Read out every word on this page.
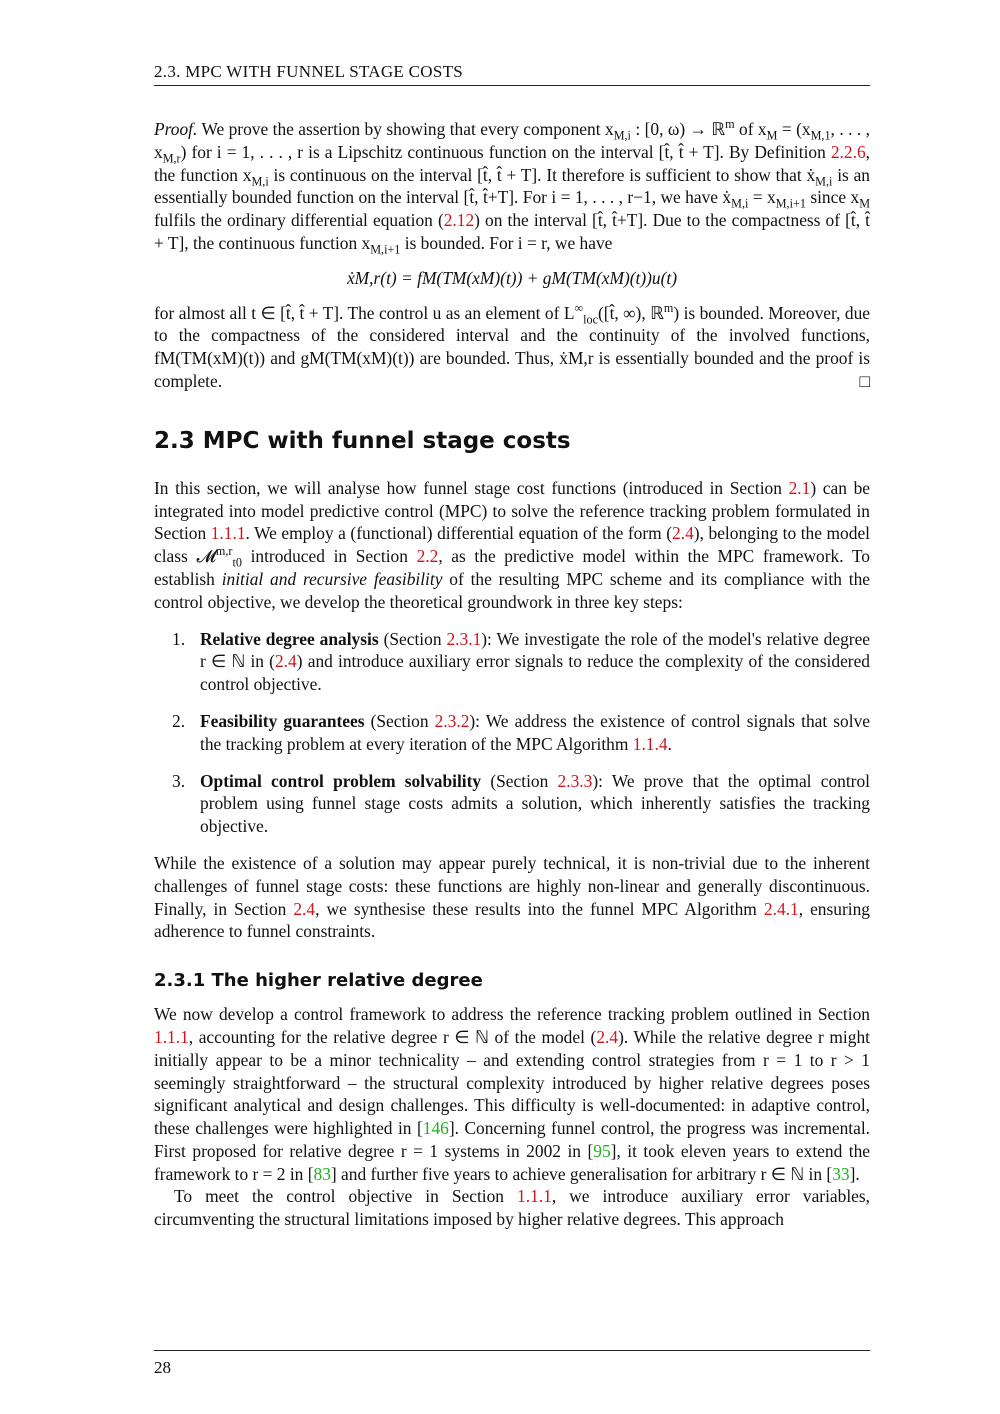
2.3. MPC WITH FUNNEL STAGE COSTS

Proof. We prove the assertion by showing that every component $x_{M,i}$ : [0, ω) → ℝ$^m$ of $x_M = (x_{M,1}$, . . . , $x_{M,r}$) for i = 1, . . . , r is a Lipschitz continuous function on the interval [t̂, t̂ + T]. By Definition 2.2.6, the function $x_{M,i}$ is continuous on the interval [t̂, t̂ + T]. It therefore is sufficient to show that ẋ$_{M,i}$ is an essentially bounded function on the interval [t̂, t̂+T]. For i = 1, . . . , r−1, we have ẋ$_{M,i}$ = $x_{M,i+1}$ since $x_M$ fulfils the ordinary differential equation (2.12) on the interval [t̂, t̂+T]. Due to the compactness of [t̂, t̂ + T], the continuous function $x_{M,i+1}$ is bounded. For i = r, we have

ẋM,r(t) = fM(TM(xM)(t)) + gM(TM(xM)(t))u(t)

for almost all t ∈ [t̂, t̂ + T]. The control u as an element of $L^\infty_{loc}([t̂$, ∞), ℝ$^m$) is bounded. Moreover, due to the compactness of the considered interval and the continuity of the involved functions, fM(TM(xM)(t)) and gM(TM(xM)(t)) are bounded. Thus, ẋM,r is essentially bounded and the proof is complete.	□

2.3 MPC with funnel stage costs

In this section, we will analyse how funnel stage cost functions (introduced in Section 2.1) can be integrated into model predictive control (MPC) to solve the reference tracking problem formulated in Section 1.1.1. We employ a (functional) differential equation of the form (2.4), belonging to the model class 𝓜$^{m,r}_{t0}$ introduced in Section 2.2, as the predictive model within the MPC framework. To establish initial and recursive feasibility of the resulting MPC scheme and its compliance with the control objective, we develop the theoretical groundwork in three key steps:

1. Relative degree analysis (Section 2.3.1): We investigate the role of the model's relative degree r ∈ ℕ in (2.4) and introduce auxiliary error signals to reduce the complexity of the considered control objective.
2. Feasibility guarantees (Section 2.3.2): We address the existence of control signals that solve the tracking problem at every iteration of the MPC Algorithm 1.1.4.
3. Optimal control problem solvability (Section 2.3.3): We prove that the optimal control problem using funnel stage costs admits a solution, which inherently satisfies the tracking objective.

While the existence of a solution may appear purely technical, it is non-trivial due to the inherent challenges of funnel stage costs: these functions are highly non-linear and generally discontinuous. Finally, in Section 2.4, we synthesise these results into the funnel MPC Algorithm 2.4.1, ensuring adherence to funnel constraints.

2.3.1 The higher relative degree

We now develop a control framework to address the reference tracking problem outlined in Section 1.1.1, accounting for the relative degree r ∈ ℕ of the model (2.4). While the relative degree r might initially appear to be a minor technicality – and extending control strategies from r = 1 to r > 1 seemingly straightforward – the structural complexity introduced by higher relative degrees poses significant analytical and design challenges. This difficulty is well-documented: in adaptive control, these challenges were highlighted in [146]. Concerning funnel control, the progress was incremental. First proposed for relative degree r = 1 systems in 2002 in [95], it took eleven years to extend the framework to r = 2 in [83] and further five years to achieve generalisation for arbitrary r ∈ ℕ in [33].

To meet the control objective in Section 1.1.1, we introduce auxiliary error variables, circumventing the structural limitations imposed by higher relative degrees. This approach

28
